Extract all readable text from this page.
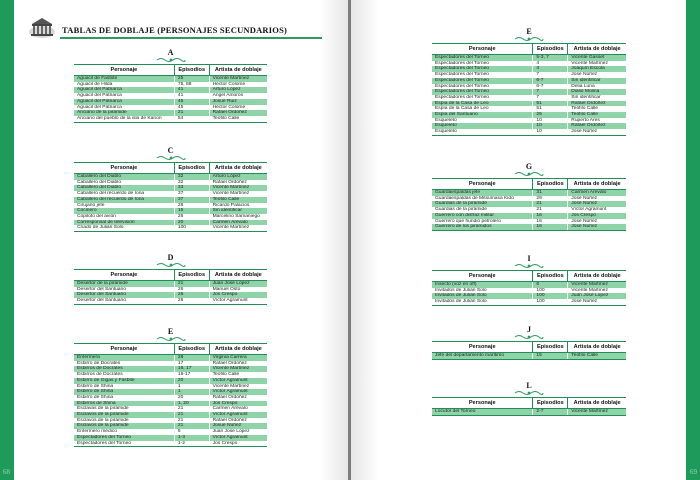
TABLAS DE DOBLAJE (PERSONAJES SECUNDARIOS)
A
Personaje	Episodios	Artista de doblaje
Aguacil de Fasbite	25	Vicente Martínez
Aguacil de Hilda	75, 88	Héctor Colomé
Aguacil del Patriarca	41	Arturo López
Aguacil del Patriarca	41	Ángel Amorós
Aguacil del Patriarca	45	Josué Ruiz
Aguacil del Patriarca	45	Héctor Colomé
Anciano de la pirámide	21	Rafael Ordóñez
Anciano del pueblo de la isla de Kanon	54	Teófilo Calle
C
Personaje	Episodios	Artista de doblaje
Caballero del Diablo	32	Arturo López
Caballero del Diablo	32	Rafael Ordóñez
Caballero del Diablo	33	Vicente Martínez
Caballero del recuerdo de Iona	37	Vicente Martínez
Caballero del recuerdo de Iona	37	Teófilo Calle
Cirujano jefe	28	Ricardo Palacios
Cocinero	15	Sin identificar
Copiloto del avión	26	Marcelino Samaniego
Corresponsal de televisión	20	Carmen Arévalo
Criado de Julián Solo	100	Vicente Martínez
D
Personaje	Episodios	Artista de doblaje
Desertor de la pirámide	21	Juan José López
Desertor del Santuario	26	Manuel Osto
Desertor del Santuario	26	Jos Crespo
Desertor del Santuario	26	Víctor Agramunt
E
Personaje	Episodios	Artista de doblaje
Enfermera	28	Virginia Carrera
Esbirro de Docrates	17	Rafael Ordóñez
Esbirros de Docrates	16, 17	Vicente Martínez
Esbirros de Docrates	16-17	Teófilo Calle
Esbirro de Gigas y Fasbite	20	Víctor Agramunt
Esbirro de Shina	1	Vicente Martínez
Esbirro de Shina	1	Víctor Agramunt
Esbirro de Shina	20	Rafael Ordóñez
Esbirros de Shina	1, 20	Jos Crespo
Esclavas de la pirámide	21	Carmen Arévalo
Esclavos de la pirámide	21	Víctor Agramunt
Esclavos de la pirámide	21	Rafael Ordóñez
Esclavos de la pirámide	21	Josué Núñez
Enfermero médico	5	Juan José López
Espectadores del Torneo	1-3	Víctor Agramunt
Espectadores del Torneo	1-2	Jos Crespo
68
E
Personaje	Episodios	Artista de doblaje
Espectadores del Torneo	5-3, 7	Vicente Gasset
Espectadores del Torneo	4	Vicente Martínez
Espectadores del Torneo	4	Joaquín Escola
Espectadores del Torneo	7	José Núñez
Espectadores del Torneo	6-7	Sin identificar
Espectadores del Torneo	6-7	Delia Luna
Espectadores del Torneo	7	Diálio Molina
Espectadores del Torneo	7	Sin identificar
Espía de la Casa de Leo	51	Rafael Ordóñez
Espía de la Casa de Leo	51	Teófilo Calle
Espía del Santuario	25	Teófilo Calle
Esqueleto	10	Ruperto Ares
Esqueleto	10	Rafael Ordóñez
Esqueleto	10	José Núñez
G
Personaje	Episodios	Artista de doblaje
Guardaespaldas jefe	31	Carmen Arévalo
Guardaespaldas de Mitsumasa Kido	29	José Núñez
Guardias de la pirámide	21	José Núñez
Guardias de la pirámide	21	Víctor Agramunt
Guerrero con disfraz militar	16	Jos Crespo
Guerrero que hundió petrolero	16	José Núñez
Guerrero de los pirámidos	16	José Núñez
I
Personaje	Episodios	Artista de doblaje
Insecto (voz en off)	6	Vicente Martínez
Invitados de Julián Solo	100	Vicente Martínez
Invitados de Julián Solo	100	Juan José López
Invitados de Julián Solo	100	José Núñez
J
Personaje	Episodios	Artista de doblaje
Jefe del departamento marítimo	15	Teófilo Calle
L
Personaje	Episodios	Artista de doblaje
Locutor del Torneo	2-7	Vicente Martínez
69
